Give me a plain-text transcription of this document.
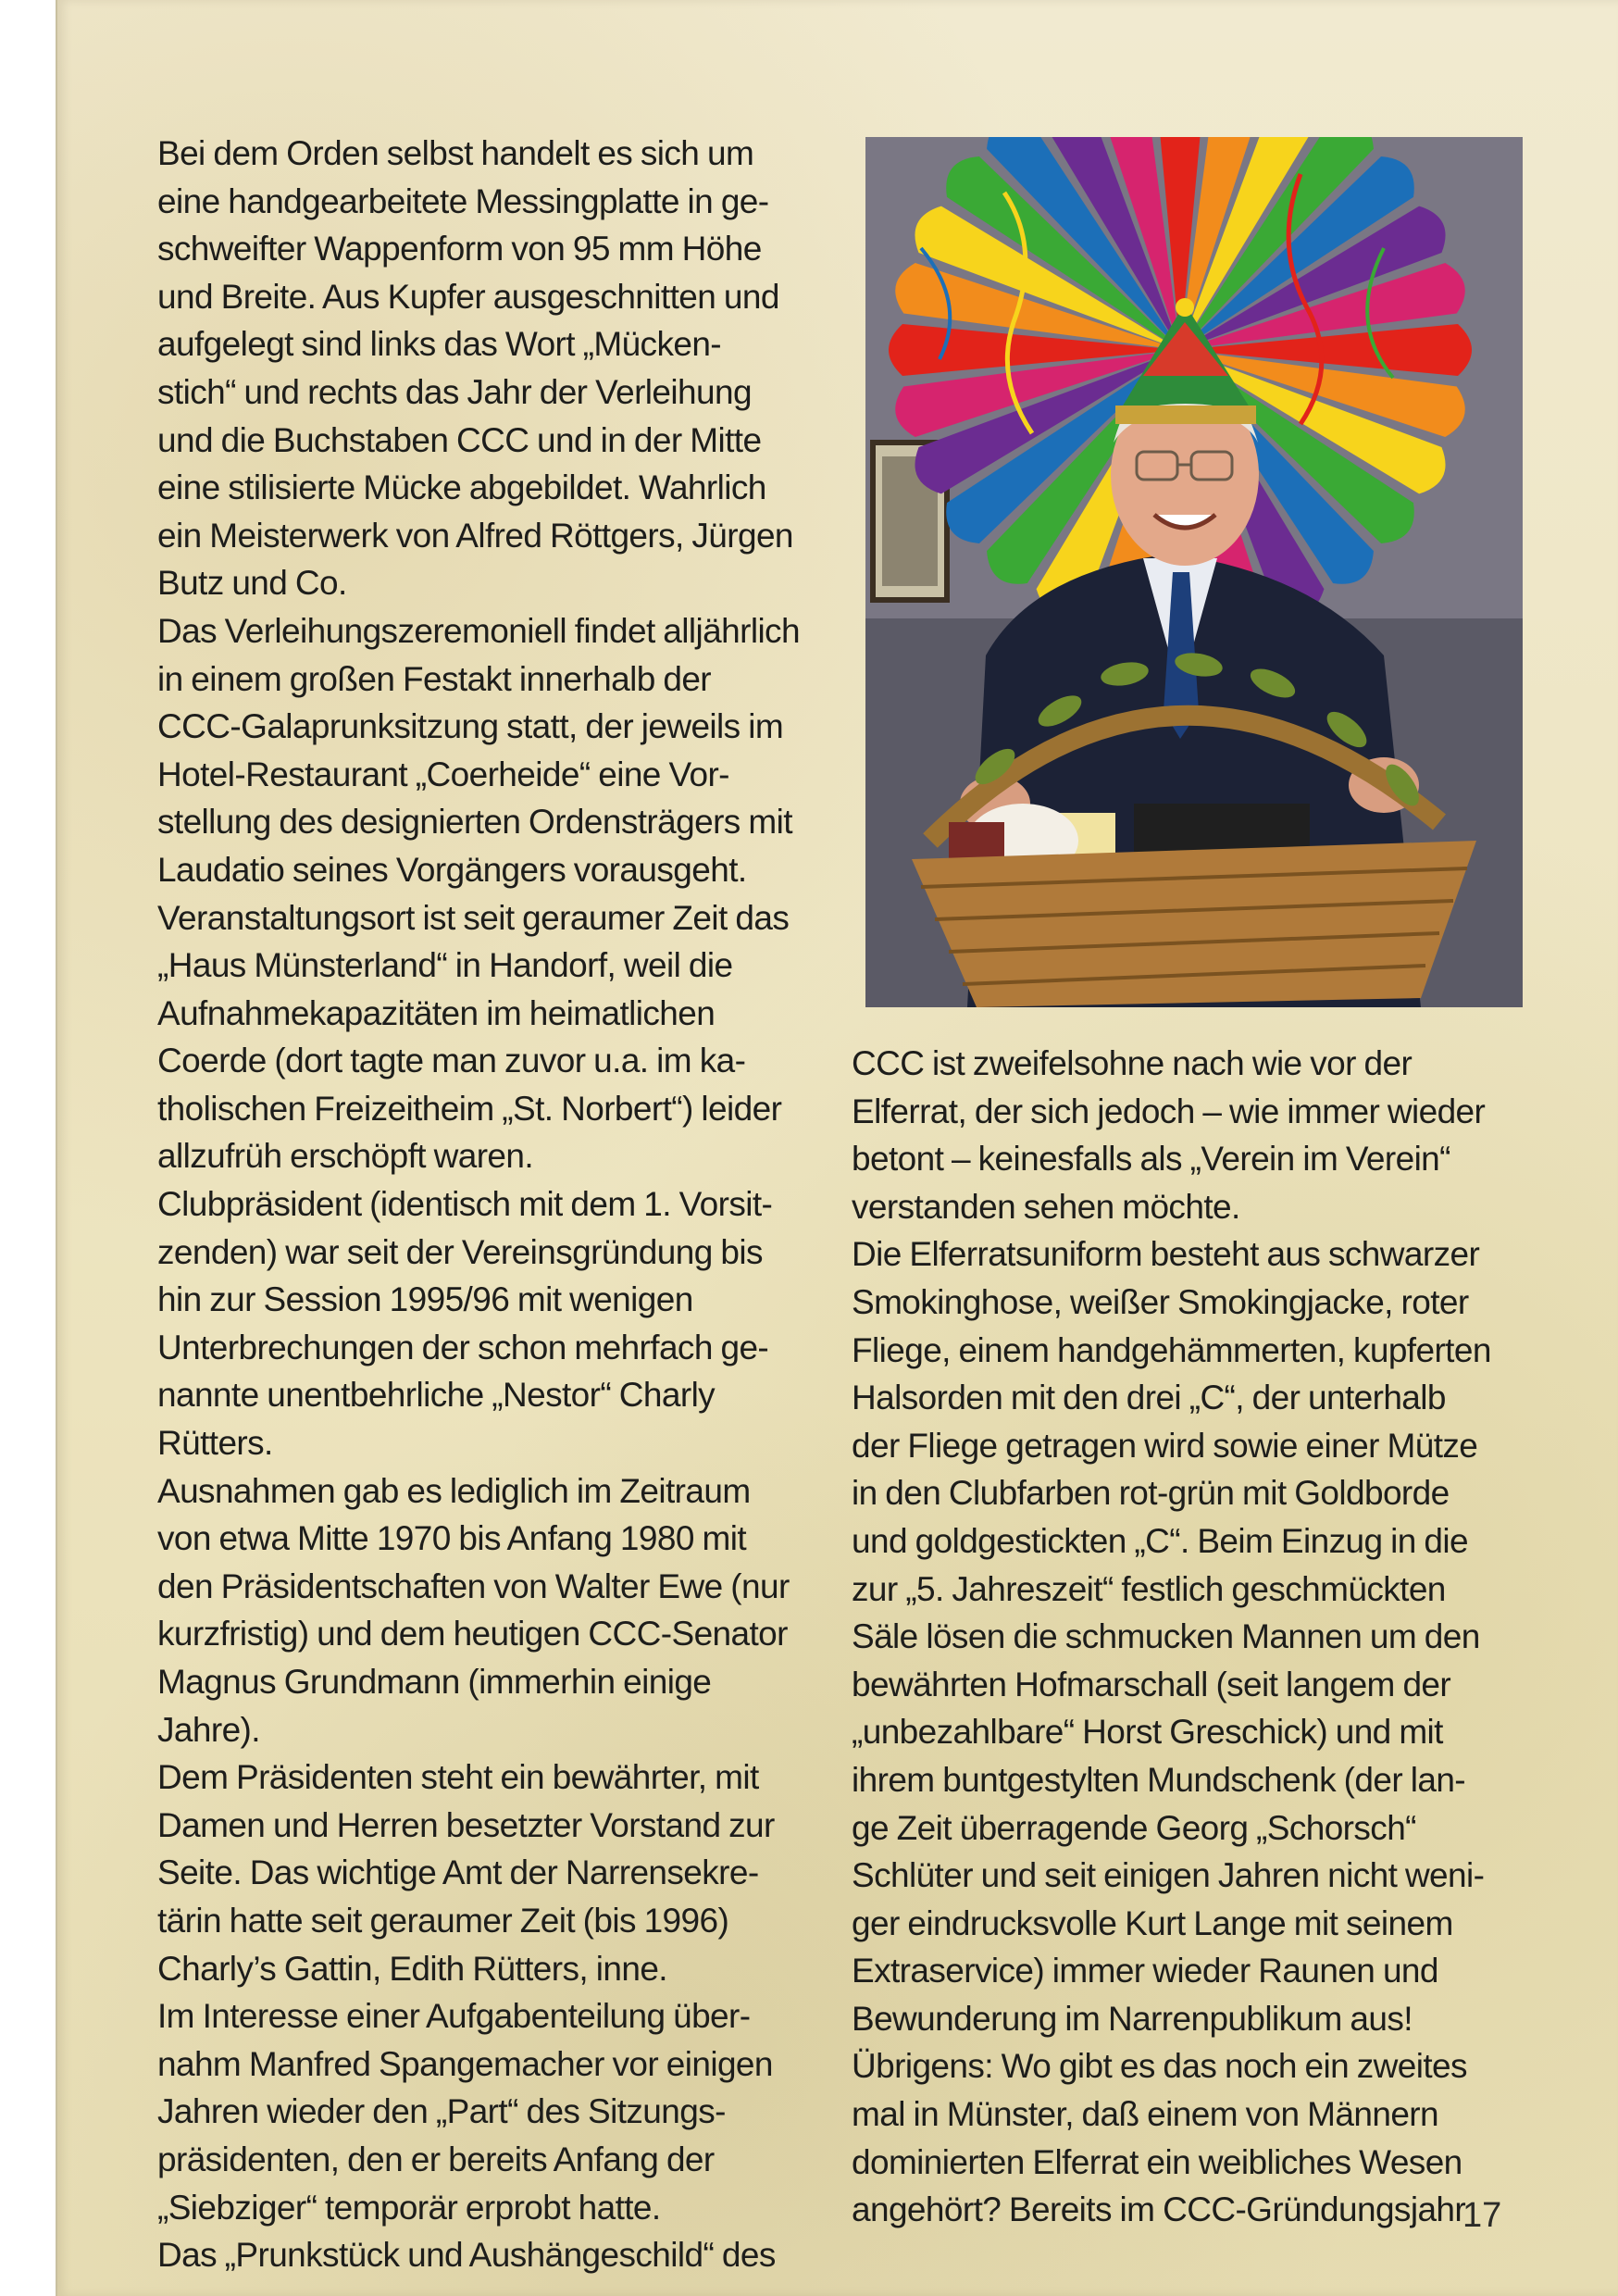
Bei dem Orden selbst handelt es sich um
eine handgearbeitete Messingplatte in ge-
schweifter Wappenform von 95 mm Höhe
und Breite. Aus Kupfer ausgeschnitten und
aufgelegt sind links das Wort „Mücken-
stich“ und rechts das Jahr der Verleihung
und die Buchstaben CCC und in der Mitte
eine stilisierte Mücke abgebildet. Wahrlich
ein Meisterwerk von Alfred Röttgers, Jürgen
Butz und Co.
Das Verleihungszeremoniell findet alljährlich
in einem großen Festakt innerhalb der
CCC-Galaprunksitzung statt, der jeweils im
Hotel-Restaurant „Coerheide“ eine Vor-
stellung des designierten Ordensträgers mit
Laudatio seines Vorgängers vorausgeht.
Veranstaltungsort ist seit geraumer Zeit das
„Haus Münsterland“ in Handorf, weil die
Aufnahmekapazitäten im heimatlichen
Coerde (dort tagte man zuvor u.a. im ka-
tholischen Freizeitheim „St. Norbert“) leider
allzufrüh erschöpft waren.
Clubpräsident (identisch mit dem 1. Vorsit-
zenden) war seit der Vereinsgründung bis
hin zur Session 1995/96 mit wenigen
Unterbrechungen der schon mehrfach ge-
nannte unentbehrliche „Nestor“ Charly
Rütters.
Ausnahmen gab es lediglich im Zeitraum
von etwa Mitte 1970 bis Anfang 1980 mit
den Präsidentschaften von Walter Ewe (nur
kurzfristig) und dem heutigen CCC-Senator
Magnus Grundmann (immerhin einige
Jahre).
Dem Präsidenten steht ein bewährter, mit
Damen und Herren besetzter Vorstand zur
Seite. Das wichtige Amt der Narrensekre-
tärin hatte seit geraumer Zeit (bis 1996)
Charly’s Gattin, Edith Rütters, inne.
Im Interesse einer Aufgabenteilung über-
nahm Manfred Spangemacher vor einigen
Jahren wieder den „Part“ des Sitzungs-
präsidenten, den er bereits Anfang der
„Siebziger“ temporär erprobt hatte.
Das „Prunkstück und Aushängeschild“ des
CCC ist zweifelsohne nach wie vor der
Elferrat, der sich jedoch – wie immer wieder
betont – keinesfalls als „Verein im Verein“
verstanden sehen möchte.
Die Elferratsuniform besteht aus schwarzer
Smokinghose, weißer Smokingjacke, roter
Fliege, einem handgehämmerten, kupferten
Halsorden mit den drei „C“, der unterhalb
der Fliege getragen wird sowie einer Mütze
in den Clubfarben rot-grün mit Goldborde
und goldgestickten „C“. Beim Einzug in die
zur „5. Jahreszeit“ festlich geschmückten
Säle lösen die schmucken Mannen um den
bewährten Hofmarschall (seit langem der
„unbezahlbare“ Horst Greschick) und mit
ihrem buntgestylten Mundschenk (der lan-
ge Zeit überragende Georg „Schorsch“
Schlüter und seit einigen Jahren nicht weni-
ger eindrucksvolle Kurt Lange mit seinem
Extraservice) immer wieder Raunen und
Bewunderung im Narrenpublikum aus!
Übrigens: Wo gibt es das noch ein zweites
mal in Münster, daß einem von Männern
dominierten Elferrat ein weibliches Wesen
angehört? Bereits im CCC-Gründungsjahr
17
